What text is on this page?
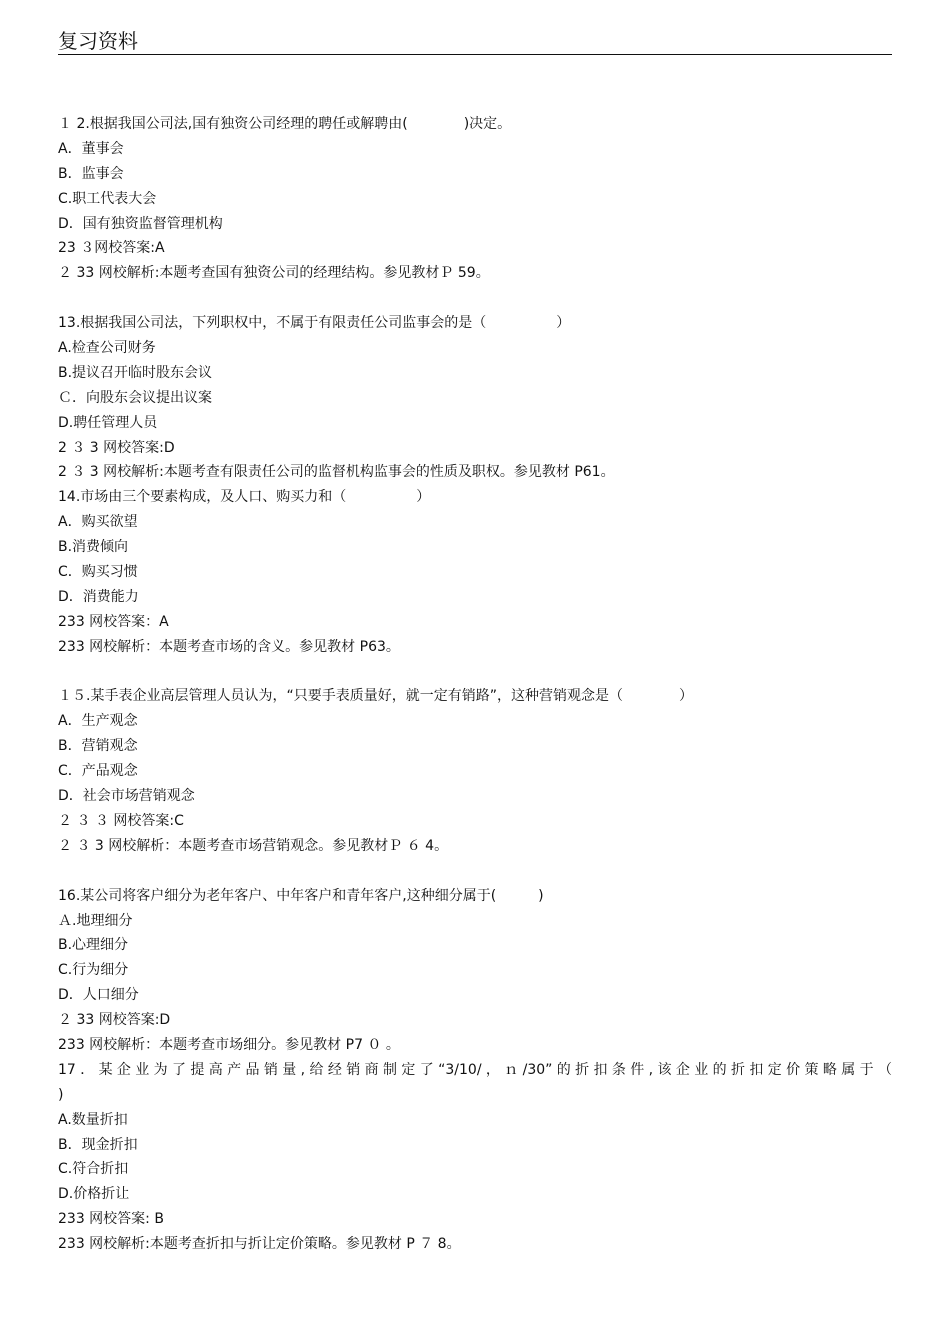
复习资料
１ 2.根据我国公司法,国有独资公司经理的聘任或解聘由(　　　　)决定。
A．董事会
B．监事会
C.职工代表大会
D．国有独资监督管理机构
23 ３网校答案:A
２ 33 网校解析:本题考查国有独资公司的经理结构。参见教材Ｐ 59。
13.根据我国公司法，下列职权中，不属于有限责任公司监事会的是（　　　　　）
A.检查公司财务
B.提议召开临时股东会议
Ｃ．向股东会议提出议案
D.聘任管理人员
2 ３ 3 网校答案:D
2 ３ 3 网校解析:本题考查有限责任公司的监督机构监事会的性质及职权。参见教材 P61。
14.市场由三个要素构成，及人口、购买力和（　　　　　）
A．购买欲望
B.消费倾向
C．购买习惯
D．消费能力
233 网校答案：A
233 网校解析：本题考查市场的含义。参见教材 P63。
１５.某手表企业高层管理人员认为，“只要手表质量好，就一定有销路”，这种营销观念是（　　　　）
A．生产观念
B．营销观念
C．产品观念
D．社会市场营销观念
２ ３ ３ 网校答案:C
２ ３ 3 网校解析：本题考查市场营销观念。参见教材Ｐ ６ 4。
16.某公司将客户细分为老年客户、中年客户和青年客户,这种细分属于(　　　)
Ａ.地理细分
B.心理细分
C.行为细分
D．人口细分
２ 33 网校答案:D
233 网校解析：本题考查市场细分。参见教材 P7 ０ 。
17．某企业为了提高产品销量,给经销商制定了“3/10/，ｎ/30”的折扣条件,该企业的折扣定价策略属于（
)
A.数量折扣
B．现金折扣
C.符合折扣
D.价格折让
233 网校答案: B
233 网校解析:本题考查折扣与折让定价策略。参见教材 P ７ 8。
